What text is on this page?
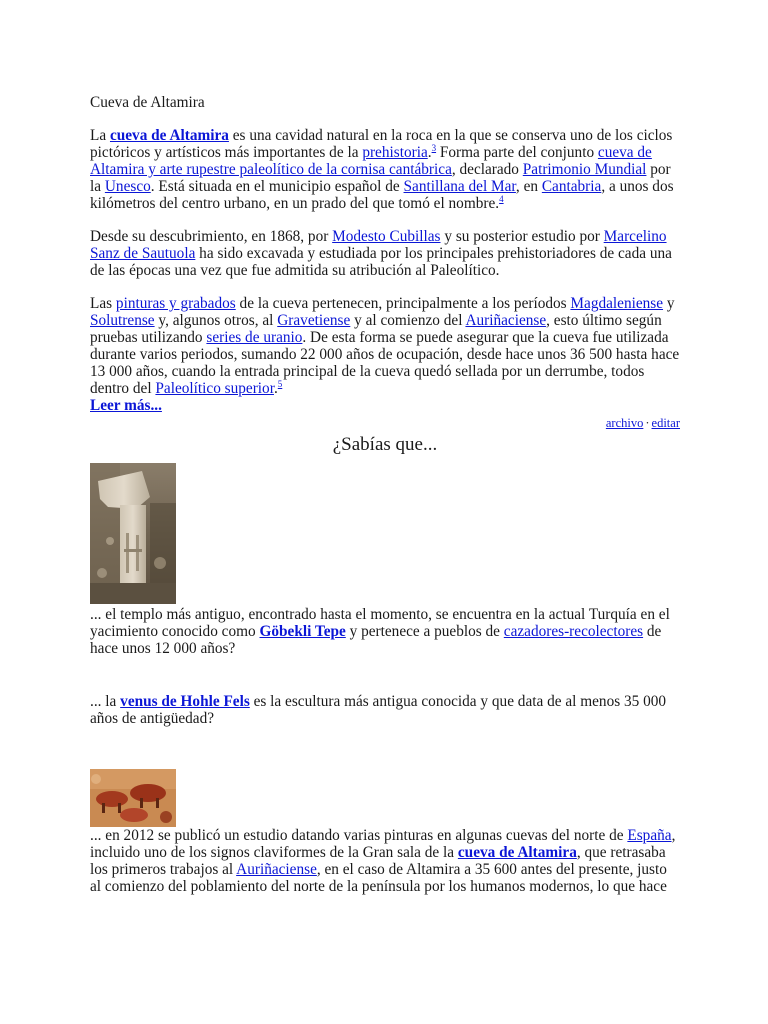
Cueva de Altamira

La cueva de Altamira es una cavidad natural en la roca en la que se conserva uno de los ciclos pictóricos y artísticos más importantes de la prehistoria.$^3$ Forma parte del conjunto cueva de Altamira y arte rupestre paleolítico de la cornisa cantábrica, declarado Patrimonio Mundial por la Unesco. Está situada en el municipio español de Santillana del Mar, en Cantabria, a unos dos kilómetros del centro urbano, en un prado del que tomó el nombre.$^4$

Desde su descubrimiento, en 1868, por Modesto Cubillas y su posterior estudio por Marcelino Sanz de Sautuola ha sido excavada y estudiada por los principales prehistoriadores de cada una de las épocas una vez que fue admitida su atribución al Paleolítico.

Las pinturas y grabados de la cueva pertenecen, principalmente a los períodos Magdaleniense y Solutrense y, algunos otros, al Gravetiense y al comienzo del Auriñaciense, esto último según pruebas utilizando series de uranio. De esta forma se puede asegurar que la cueva fue utilizada durante varios periodos, sumando 22 000 años de ocupación, desde hace unos 36 500 hasta hace 13 000 años, cuando la entrada principal de la cueva quedó sellada por un derrumbe, todos dentro del Paleolítico superior.$^5$

Leer más...

archivo · editar

¿Sabías que...

... el templo más antiguo, encontrado hasta el momento, se encuentra en la actual Turquía en el yacimiento conocido como Göbekli Tepe y pertenece a pueblos de cazadores-recolectores de hace unos 12 000 años?

... la venus de Hohle Fels es la escultura más antigua conocida y que data de al menos 35 000 años de antigüedad?

... en 2012 se publicó un estudio datando varias pinturas en algunas cuevas del norte de España, incluido uno de los signos claviformes de la Gran sala de la cueva de Altamira, que retrasaba los primeros trabajos al Auriñaciense, en el caso de Altamira a 35 600 antes del presente, justo al comienzo del poblamiento del norte de la península por los humanos modernos, lo que hace
